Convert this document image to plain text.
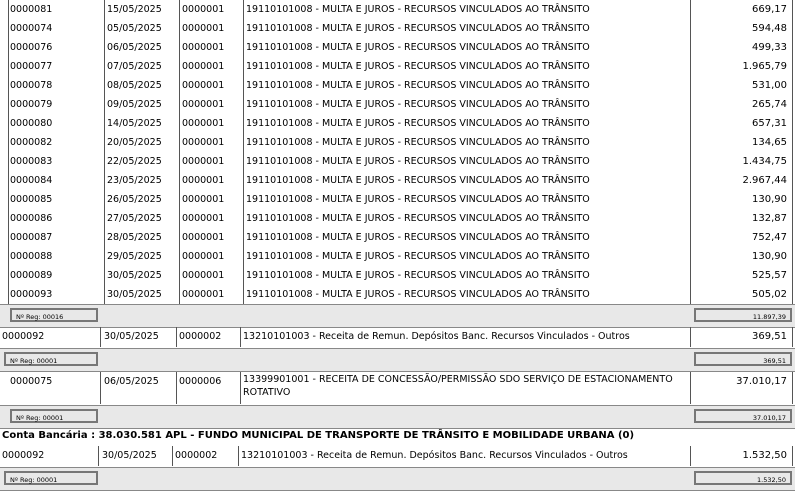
0000081	15/05/2025 0000001 19110101008 - MULTA E JUROS - RECURSOS VINCULADOS AO TRÂNSITO	669,17
0000074	05/05/2025 0000001 19110101008 - MULTA E JUROS - RECURSOS VINCULADOS AO TRÂNSITO	594,48
0000076	06/05/2025 0000001 19110101008 - MULTA E JUROS - RECURSOS VINCULADOS AO TRÂNSITO	499,33
0000077	07/05/2025 0000001 19110101008 - MULTA E JUROS - RECURSOS VINCULADOS AO TRÂNSITO	1.965,79
0000078	08/05/2025 0000001 19110101008 - MULTA E JUROS - RECURSOS VINCULADOS AO TRÂNSITO	531,00
0000079	09/05/2025 0000001 19110101008 - MULTA E JUROS - RECURSOS VINCULADOS AO TRÂNSITO	265,74
0000080	14/05/2025 0000001 19110101008 - MULTA E JUROS - RECURSOS VINCULADOS AO TRÂNSITO	657,31
0000082	20/05/2025 0000001 19110101008 - MULTA E JUROS - RECURSOS VINCULADOS AO TRÂNSITO	134,65
0000083	22/05/2025 0000001 19110101008 - MULTA E JUROS - RECURSOS VINCULADOS AO TRÂNSITO	1.434,75
0000084	23/05/2025 0000001 19110101008 - MULTA E JUROS - RECURSOS VINCULADOS AO TRÂNSITO	2.967,44
0000085	26/05/2025 0000001 19110101008 - MULTA E JUROS - RECURSOS VINCULADOS AO TRÂNSITO	130,90
0000086	27/05/2025 0000001 19110101008 - MULTA E JUROS - RECURSOS VINCULADOS AO TRÂNSITO	132,87
0000087	28/05/2025 0000001 19110101008 - MULTA E JUROS - RECURSOS VINCULADOS AO TRÂNSITO	752,47
0000088	29/05/2025 0000001 19110101008 - MULTA E JUROS - RECURSOS VINCULADOS AO TRÂNSITO	130,90
0000089	30/05/2025 0000001 19110101008 - MULTA E JUROS - RECURSOS VINCULADOS AO TRÂNSITO	525,57
0000093	30/05/2025 0000001 19110101008 - MULTA E JUROS - RECURSOS VINCULADOS AO TRÂNSITO	505,02
Nº Reg: 00016	11.897,39
0000092	30/05/2025 0000002 13210101003 - Receita de Remun. Depósitos Banc. Recursos Vinculados - Outros	369,51
Nº Reg: 00001	369,51
0000075	06/05/2025 0000006 13399901001 - RECEITA DE CONCESSÃO/PERMISSÃO SDO SERVIÇO DE ESTACIONAMENTO
ROTATIVO
37.010,17
Nº Reg: 00001	37.010,17
Conta Bancária : 38.030.581 APL - FUNDO MUNICIPAL DE TRANSPORTE DE TRÂNSITO E MOBILIDADE URBANA (0)
0000092	30/05/2025 0000002 13210101003 - Receita de Remun. Depósitos Banc. Recursos Vinculados - Outros	1.532,50
Nº Reg: 00001	1.532,50
